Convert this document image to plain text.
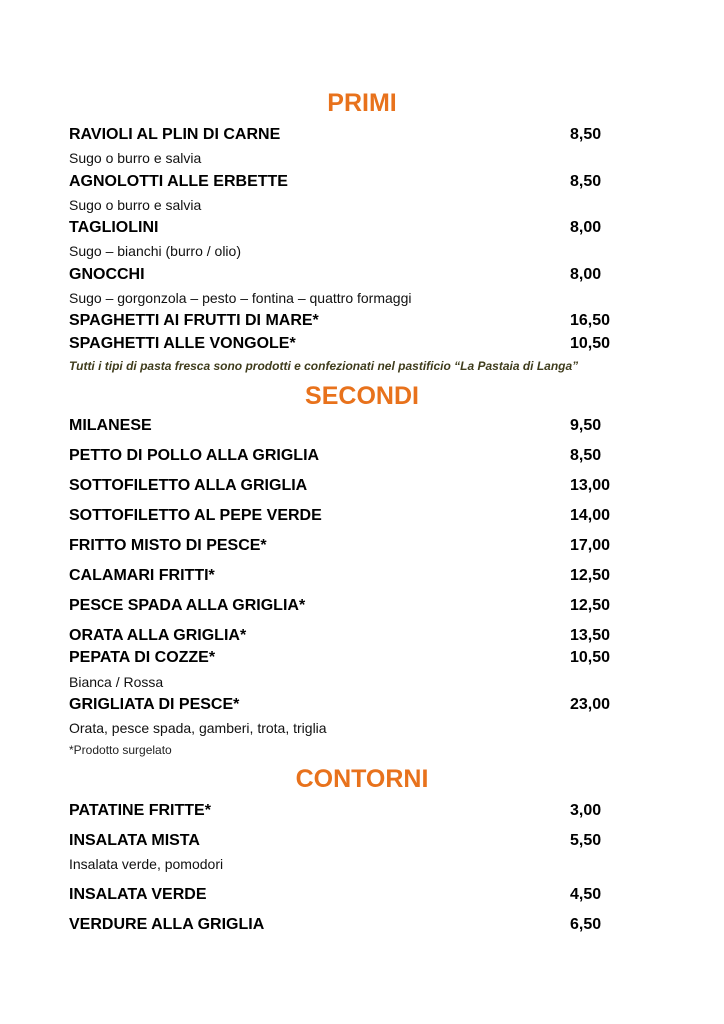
PRIMI
RAVIOLI AL PLIN DI CARNE	8,50
Sugo o burro e salvia
AGNOLOTTI ALLE ERBETTE	8,50
Sugo o burro e salvia
TAGLIOLINI	8,00
Sugo – bianchi (burro / olio)
GNOCCHI	8,00
Sugo – gorgonzola – pesto – fontina – quattro formaggi
SPAGHETTI AI FRUTTI DI MARE*	16,50
SPAGHETTI ALLE VONGOLE*	10,50
Tutti i tipi di pasta fresca sono prodotti e confezionati nel pastificio “La Pastaia di Langa”
SECONDI
MILANESE	9,50
PETTO DI POLLO ALLA GRIGLIA	8,50
SOTTOFILETTO ALLA GRIGLIA	13,00
SOTTOFILETTO AL PEPE VERDE	14,00
FRITTO MISTO DI PESCE*	17,00
CALAMARI FRITTI*	12,50
PESCE SPADA ALLA GRIGLIA*	12,50
ORATA ALLA GRIGLIA*	13,50
PEPATA DI COZZE*	10,50
Bianca / Rossa
GRIGLIATA DI PESCE*	23,00
Orata, pesce spada, gamberi, trota, triglia
*Prodotto surgelato
CONTORNI
PATATINE FRITTE*	3,00
INSALATA MISTA	5,50
Insalata verde, pomodori
INSALATA VERDE	4,50
VERDURE ALLA GRIGLIA	6,50
